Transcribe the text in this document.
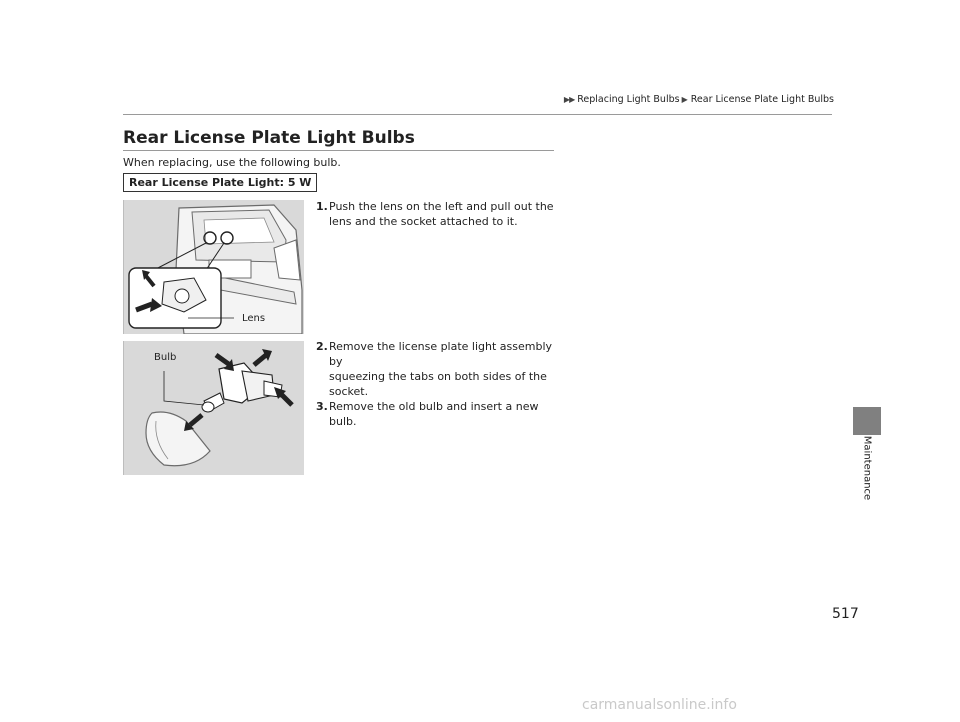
▶▶ Replacing Light Bulbs ▶ Rear License Plate Light Bulbs
Rear License Plate Light Bulbs
When replacing, use the following bulb.
Rear License Plate Light: 5 W
Lens
Bulb
1. Push the lens on the left and pull out the
lens and the socket attached to it.
2. Remove the license plate light assembly by
squeezing the tabs on both sides of the
socket.
3. Remove the old bulb and insert a new bulb.
Maintenance
517
carmanualsonline.info
